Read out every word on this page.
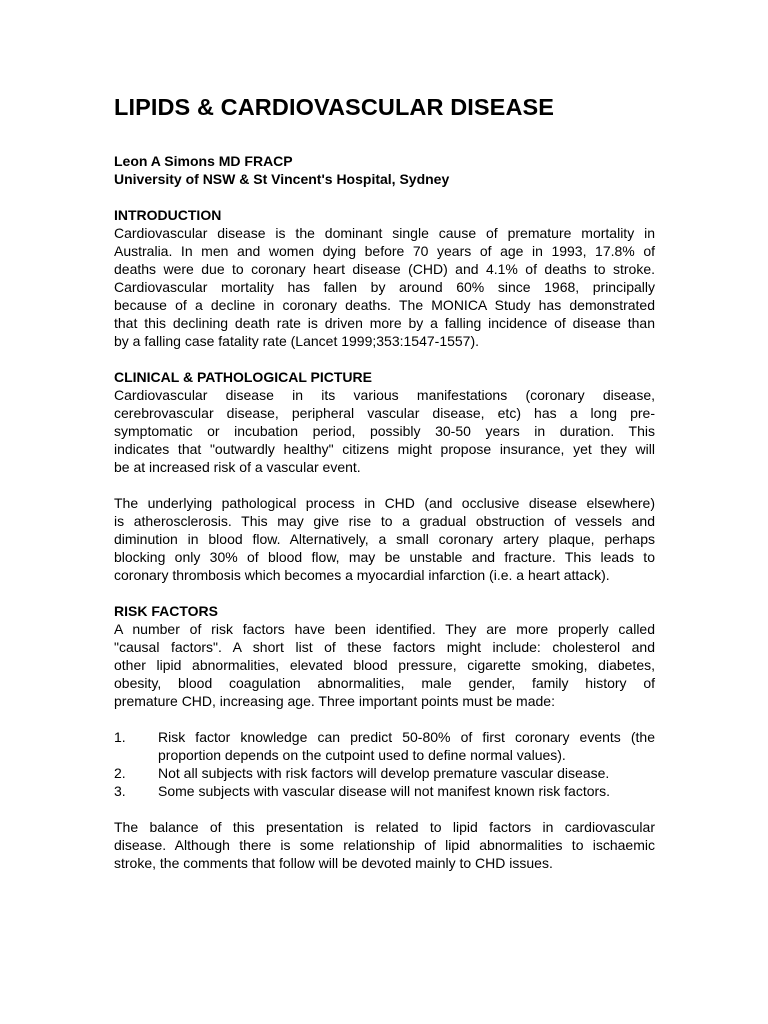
LIPIDS & CARDIOVASCULAR DISEASE
Leon A Simons MD FRACP
University of NSW & St Vincent's Hospital, Sydney
INTRODUCTION

Cardiovascular disease is the dominant single cause of premature mortality in
Australia. In men and women dying before 70 years of age in 1993, 17.8% of
deaths were due to coronary heart disease (CHD) and 4.1% of deaths to stroke.
Cardiovascular mortality has fallen by around 60% since 1968, principally
because of a decline in coronary deaths. The MONICA Study has demonstrated
that this declining death rate is driven more by a falling incidence of disease than
by a falling case fatality rate (Lancet 1999;353:1547-1557).

CLINICAL & PATHOLOGICAL PICTURE

Cardiovascular disease in its various manifestations (coronary disease,
cerebrovascular disease, peripheral vascular disease, etc) has a long pre-
symptomatic or incubation period, possibly 30-50 years in duration. This
indicates that "outwardly healthy" citizens might propose insurance, yet they will
be at increased risk of a vascular event.

The underlying pathological process in CHD (and occlusive disease elsewhere)
is atherosclerosis. This may give rise to a gradual obstruction of vessels and
diminution in blood flow. Alternatively, a small coronary artery plaque, perhaps
blocking only 30% of blood flow, may be unstable and fracture. This leads to
coronary thrombosis which becomes a myocardial infarction (i.e. a heart attack).

RISK FACTORS

A number of risk factors have been identified. They are more properly called
"causal factors". A short list of these factors might include: cholesterol and
other lipid abnormalities, elevated blood pressure, cigarette smoking, diabetes,
obesity, blood coagulation abnormalities, male gender, family history of
premature CHD, increasing age. Three important points must be made:

1. Risk factor knowledge can predict 50-80% of first coronary events (the
proportion depends on the cutpoint used to define normal values).
2. Not all subjects with risk factors will develop premature vascular disease.
3. Some subjects with vascular disease will not manifest known risk factors.

The balance of this presentation is related to lipid factors in cardiovascular
disease. Although there is some relationship of lipid abnormalities to ischaemic
stroke, the comments that follow will be devoted mainly to CHD issues.
